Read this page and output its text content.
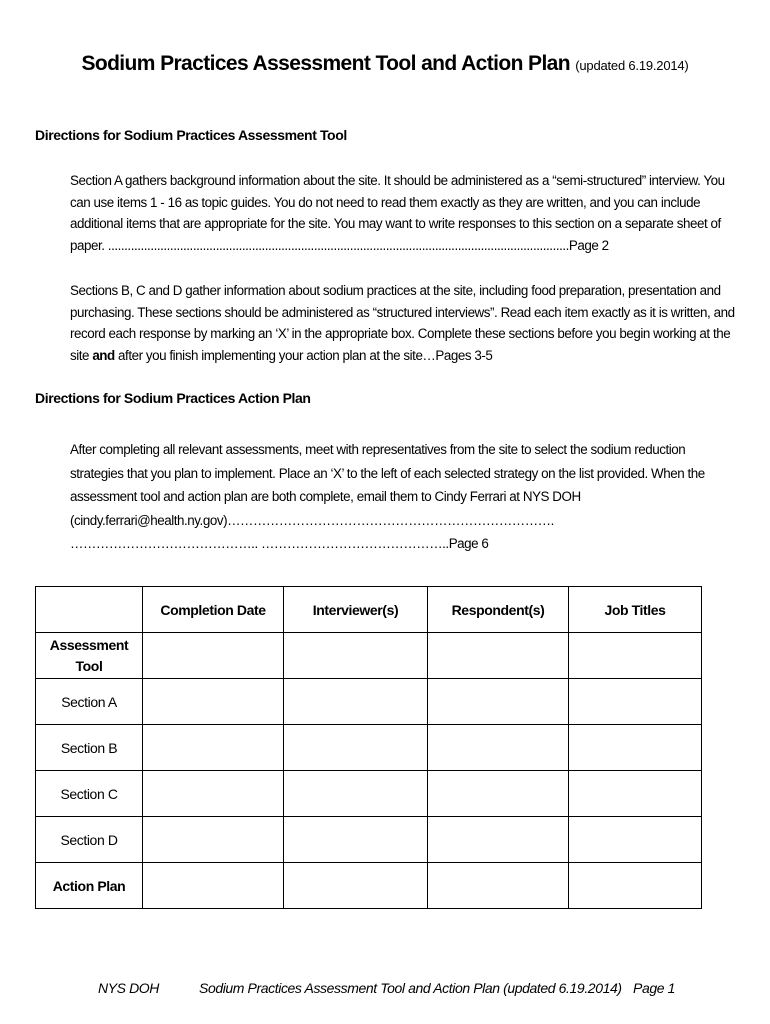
Sodium Practices Assessment Tool and Action Plan (updated 6.19.2014)
Directions for Sodium Practices Assessment Tool
Section A gathers background information about the site. It should be administered as a “semi-structured” interview. You can use items 1 - 16 as topic guides. You do not need to read them exactly as they are written, and you can include additional items that are appropriate for the site. You may want to write responses to this section on a separate sheet of paper. .............................................................................................................................................Page 2
Sections B, C and D gather information about sodium practices at the site, including food preparation, presentation and purchasing. These sections should be administered as “structured interviews”. Read each item exactly as it is written, and record each response by marking an ‘X’ in the appropriate box. Complete these sections before you begin working at the site and after you finish implementing your action plan at the site…Pages 3-5
Directions for Sodium Practices Action Plan
After completing all relevant assessments, meet with representatives from the site to select the sodium reduction strategies that you plan to implement. Place an ‘X’ to the left of each selected strategy on the list provided. When the assessment tool and action plan are both complete, email them to Cindy Ferrari at NYS DOH (cindy.ferrari@health.ny.gov)…………………………………………………………………. …………………………………….. ……………………………………..Page 6
	Completion Date	Interviewer(s)	Respondent(s)	Job Titles
Assessment Tool				
Section A				
Section B				
Section C				
Section D				
Action Plan				
NYS DOH	Sodium Practices Assessment Tool and Action Plan (updated 6.19.2014) Page 1
